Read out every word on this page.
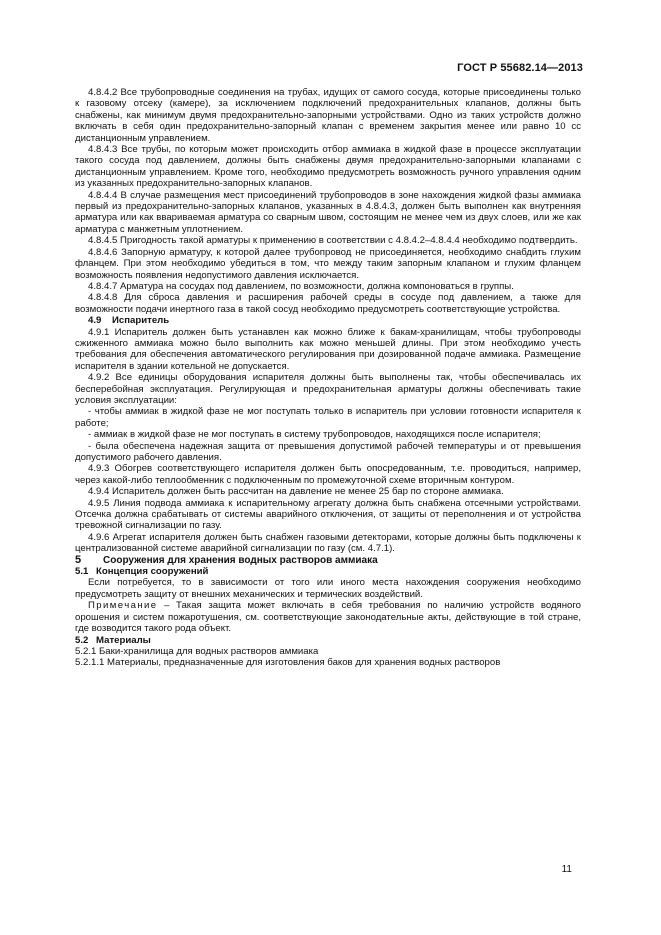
ГОСТ Р 55682.14—2013

4.8.4.2 Все трубопроводные соединения на трубах, идущих от самого сосуда, которые присоединены только к газовому отсеку (камере), за исключением подключений предохранительных клапанов, должны быть снабжены, как минимум двумя предохранительно-запорными устройствами. Одно из таких устройств должно включать в себя один предохранительно-запорный клапан с временем закрытия менее или равно 10 сс дистанционным управлением.

4.8.4.3 Все трубы, по которым может происходить отбор аммиака в жидкой фазе в процессе эксплуатации такого сосуда под давлением, должны быть снабжены двумя предохранительно-запорными клапанами с дистанционным управлением. Кроме того, необходимо предусмотреть возможность ручного управления одним из указанных предохранительно-запорных клапанов.

4.8.4.4 В случае размещения мест присоединений трубопроводов в зоне нахождения жидкой фазы аммиака первый из предохранительно-запорных клапанов, указанных в 4.8.4.3, должен быть выполнен как внутренняя арматура или как ввариваемая арматура со сварным швом, состоящим не менее чем из двух слоев, или же как арматура с манжетным уплотнением.

4.8.4.5 Пригодность такой арматуры к применению в соответствии с 4.8.4.2–4.8.4.4 необходимо подтвердить.

4.8.4.6 Запорную арматуру, к которой далее трубопровод не присоединяется, необходимо снабдить глухим фланцем. При этом необходимо убедиться в том, что между таким запорным клапаном и глухим фланцем возможность появления недопустимого давления исключается.

4.8.4.7 Арматура на сосудах под давлением, по возможности, должна компоноваться в группы.

4.8.4.8 Для сброса давления и расширения рабочей среды в сосуде под давлением, а также для возможности подачи инертного газа в такой сосуд необходимо предусмотреть соответствующие устройства.

4.9 Испаритель

4.9.1 Испаритель должен быть устанавлен как можно ближе к бакам-хранилищам, чтобы трубопроводы сжиженного аммиака можно было выполнить как можно меньшей длины. При этом необходимо учесть требования для обеспечения автоматического регулирования при дозированной подаче аммиака. Размещение испарителя в здании котельной не допускается.

4.9.2 Все единицы оборудования испарителя должны быть выполнены так, чтобы обеспечивалась их бесперебойная эксплуатация. Регулирующая и предохранительная арматуры должны обеспечивать такие условия эксплуатации:

- чтобы аммиак в жидкой фазе не мог поступать только в испаритель при условии готовности испарителя к работе;

- аммиак в жидкой фазе не мог поступать в систему трубопроводов, находящихся после испарителя;

- была обеспечена надежная защита от превышения допустимой рабочей температуры и от превышения допустимого рабочего давления.

4.9.3 Обогрев соответствующего испарителя должен быть опосредованным, т.е. проводиться, например, через какой-либо теплообменник с подключенным по промежуточной схеме вторичным контуром.

4.9.4 Испаритель должен быть рассчитан на давление не менее 25 бар по стороне аммиака.

4.9.5 Линия подвода аммиака к испарительному агрегату должна быть снабжена отсечными устройствами. Отсечка должна срабатывать от системы аварийного отключения, от защиты от переполнения и от устройства тревожной сигнализации по газу.

4.9.6 Агрегат испарителя должен быть снабжен газовыми детекторами, которые должны быть подключены к централизованной системе аварийной сигнализации по газу (см. 4.7.1).

5 Сооружения для хранения водных растворов аммиака

5.1 Концепция сооружений

Если потребуется, то в зависимости от того или иного места нахождения сооружения необходимо предусмотреть защиту от внешних механических и термических воздействий.

Примечание – Такая защита может включать в себя требования по наличию устройств водяного орошения и систем пожаротушения, см. соответствующие законодательные акты, действующие в той стране, где возводится такого рода объект.

5.2 Материалы

5.2.1 Баки-хранилища для водных растворов аммиака

5.2.1.1 Материалы, предназначенные для изготовления баков для хранения водных растворов

11
